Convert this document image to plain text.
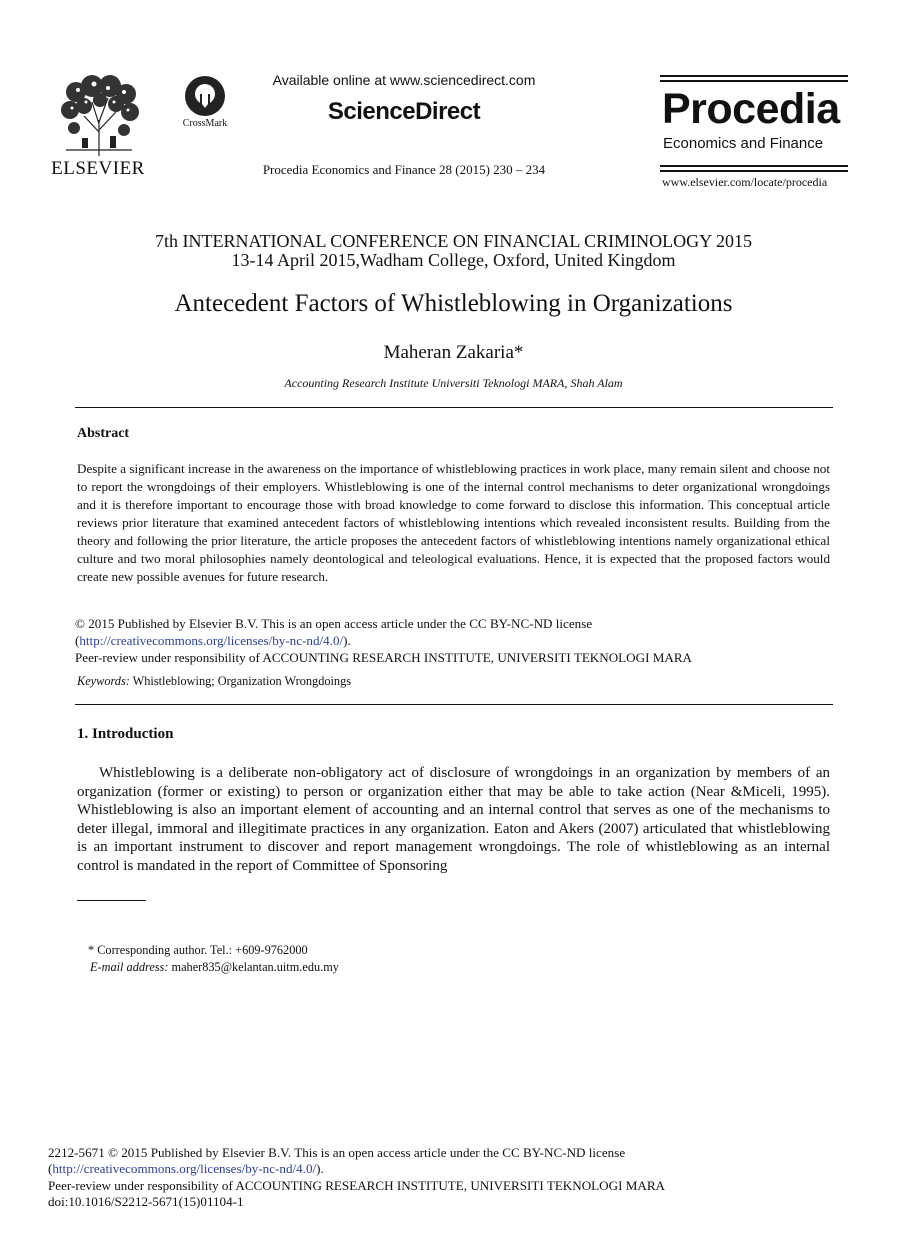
ELSEVIER
CrossMark
Available online at www.sciencedirect.com
ScienceDirect
Procedia Economics and Finance 28 (2015) 230 – 234
Procedia
Economics and Finance
www.elsevier.com/locate/procedia
7th INTERNATIONAL CONFERENCE ON FINANCIAL CRIMINOLOGY 2015
13-14 April 2015,Wadham College, Oxford, United Kingdom
Antecedent Factors of Whistleblowing in Organizations
Maheran Zakaria*
Accounting Research Institute Universiti Teknologi MARA, Shah Alam
Abstract
Despite a significant increase in the awareness on the importance of whistleblowing practices in work place, many remain silent and choose not to report the wrongdoings of their employers. Whistleblowing is one of the internal control mechanisms to deter organizational wrongdoings and it is therefore important to encourage those with broad knowledge to come forward to disclose this information. This conceptual article reviews prior literature that examined antecedent factors of whistleblowing intentions which revealed inconsistent results. Building from the theory and following the prior literature, the article proposes the antecedent factors of whistleblowing intentions namely organizational ethical culture and two moral philosophies namely deontological and teleological evaluations. Hence, it is expected that the proposed factors would create new possible avenues for future research.
© 2015 Published by Elsevier B.V. This is an open access article under the CC BY-NC-ND license
(http://creativecommons.org/licenses/by-nc-nd/4.0/).
Peer-review under responsibility of ACCOUNTING RESEARCH INSTITUTE, UNIVERSITI TEKNOLOGI MARA
Keywords: Whistleblowing; Organization Wrongdoings
1. Introduction
Whistleblowing is a deliberate non-obligatory act of disclosure of wrongdoings in an organization by members of an organization (former or existing) to person or organization either that may be able to take action (Near &Miceli, 1995). Whistleblowing is also an important element of accounting and an internal control that serves as one of the mechanisms to deter illegal, immoral and illegitimate practices in any organization. Eaton and Akers (2007) articulated that whistleblowing is an important instrument to discover and report management wrongdoings. The role of whistleblowing as an internal control is mandated in the report of Committee of Sponsoring
* Corresponding author. Tel.: +609-9762000
E-mail address: maher835@kelantan.uitm.edu.my
2212-5671 © 2015 Published by Elsevier B.V. This is an open access article under the CC BY-NC-ND license
(http://creativecommons.org/licenses/by-nc-nd/4.0/).
Peer-review under responsibility of ACCOUNTING RESEARCH INSTITUTE, UNIVERSITI TEKNOLOGI MARA
doi:10.1016/S2212-5671(15)01104-1
